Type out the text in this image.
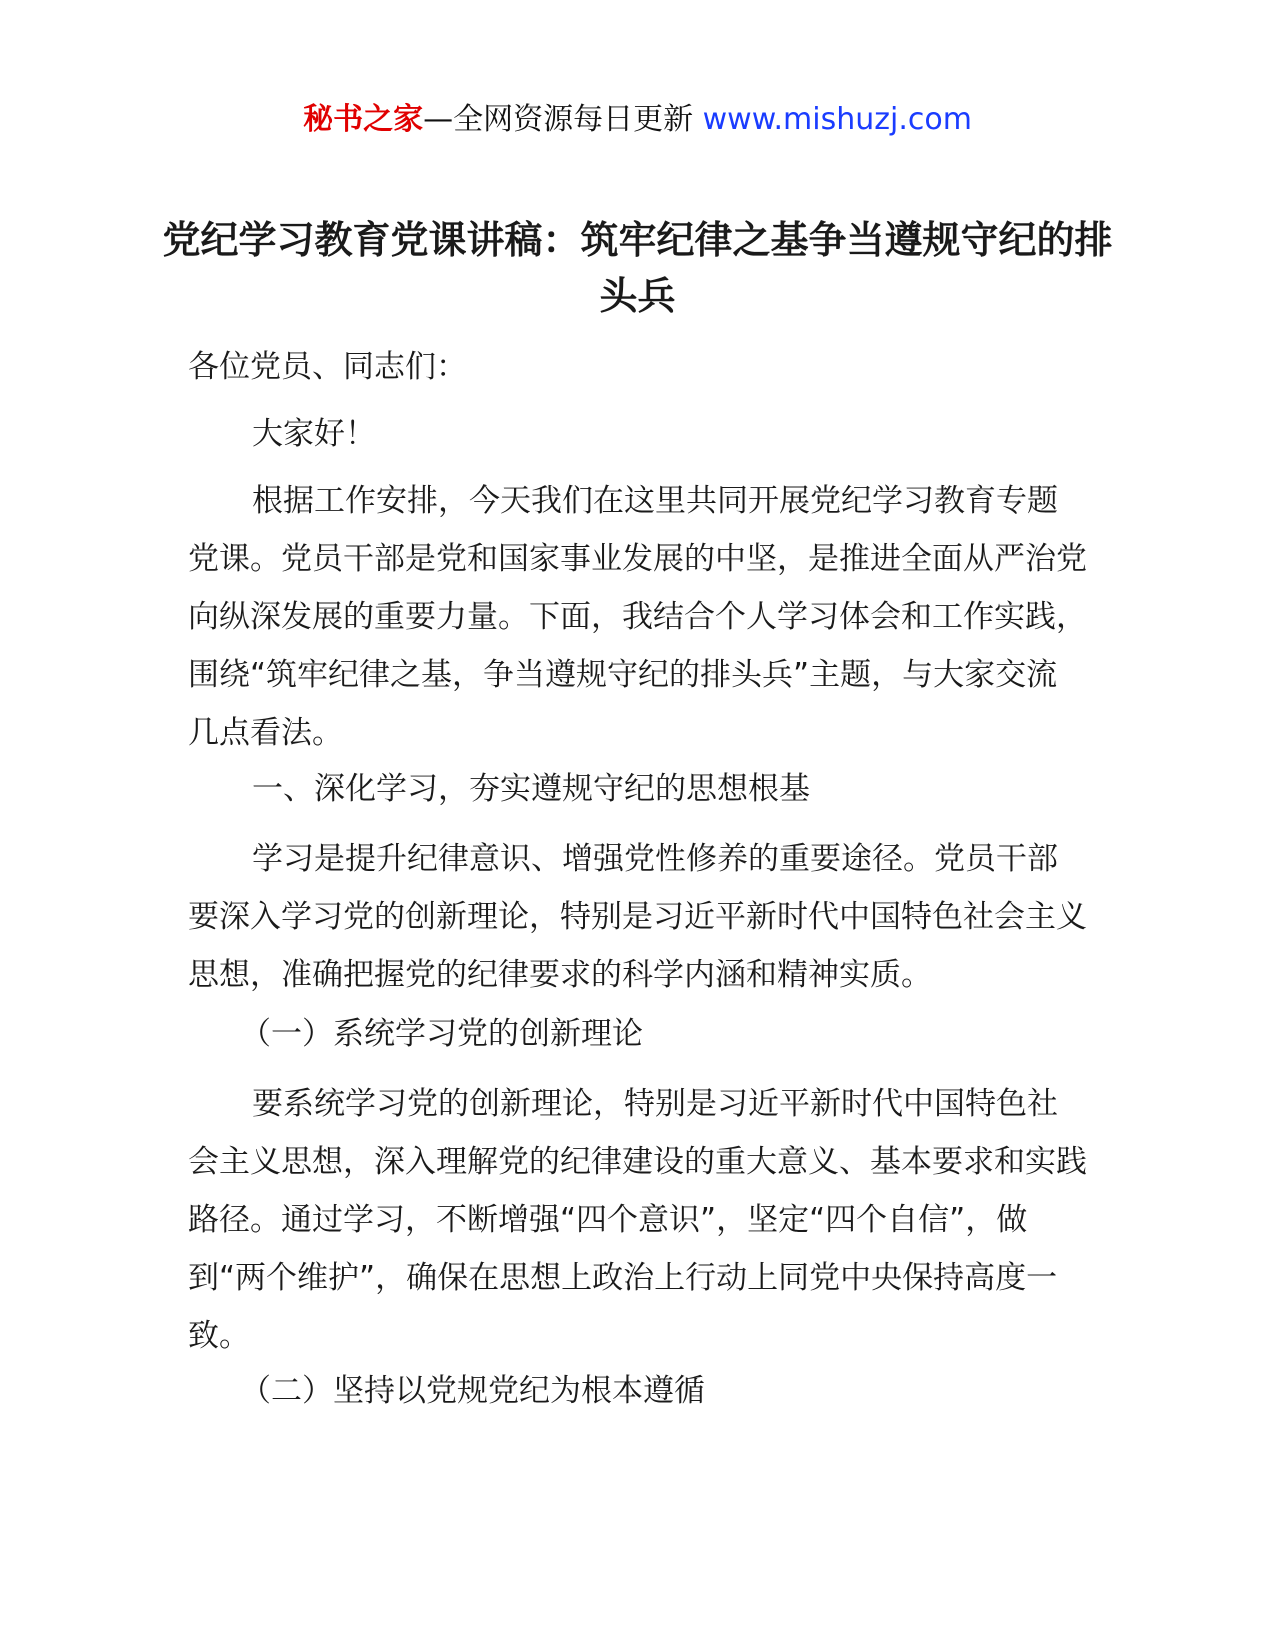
秘书之家—全网资源每日更新 www.mishuzj.com
党纪学习教育党课讲稿：筑牢纪律之基争当遵规守纪的排头兵

各位党员、同志们：

大家好！

根据工作安排，今天我们在这里共同开展党纪学习教育专题党课。党员干部是党和国家事业发展的中坚，是推进全面从严治党向纵深发展的重要力量。下面，我结合个人学习体会和工作实践，围绕“筑牢纪律之基，争当遵规守纪的排头兵”主题，与大家交流几点看法。

一、深化学习，夯实遵规守纪的思想根基

学习是提升纪律意识、增强党性修养的重要途径。党员干部要深入学习党的创新理论，特别是习近平新时代中国特色社会主义思想，准确把握党的纪律要求的科学内涵和精神实质。

（一）系统学习党的创新理论

要系统学习党的创新理论，特别是习近平新时代中国特色社会主义思想，深入理解党的纪律建设的重大意义、基本要求和实践路径。通过学习，不断增强“四个意识”，坚定“四个自信”，做到“两个维护”，确保在思想上政治上行动上同党中央保持高度一致。

（二）坚持以党规党纪为根本遵循
